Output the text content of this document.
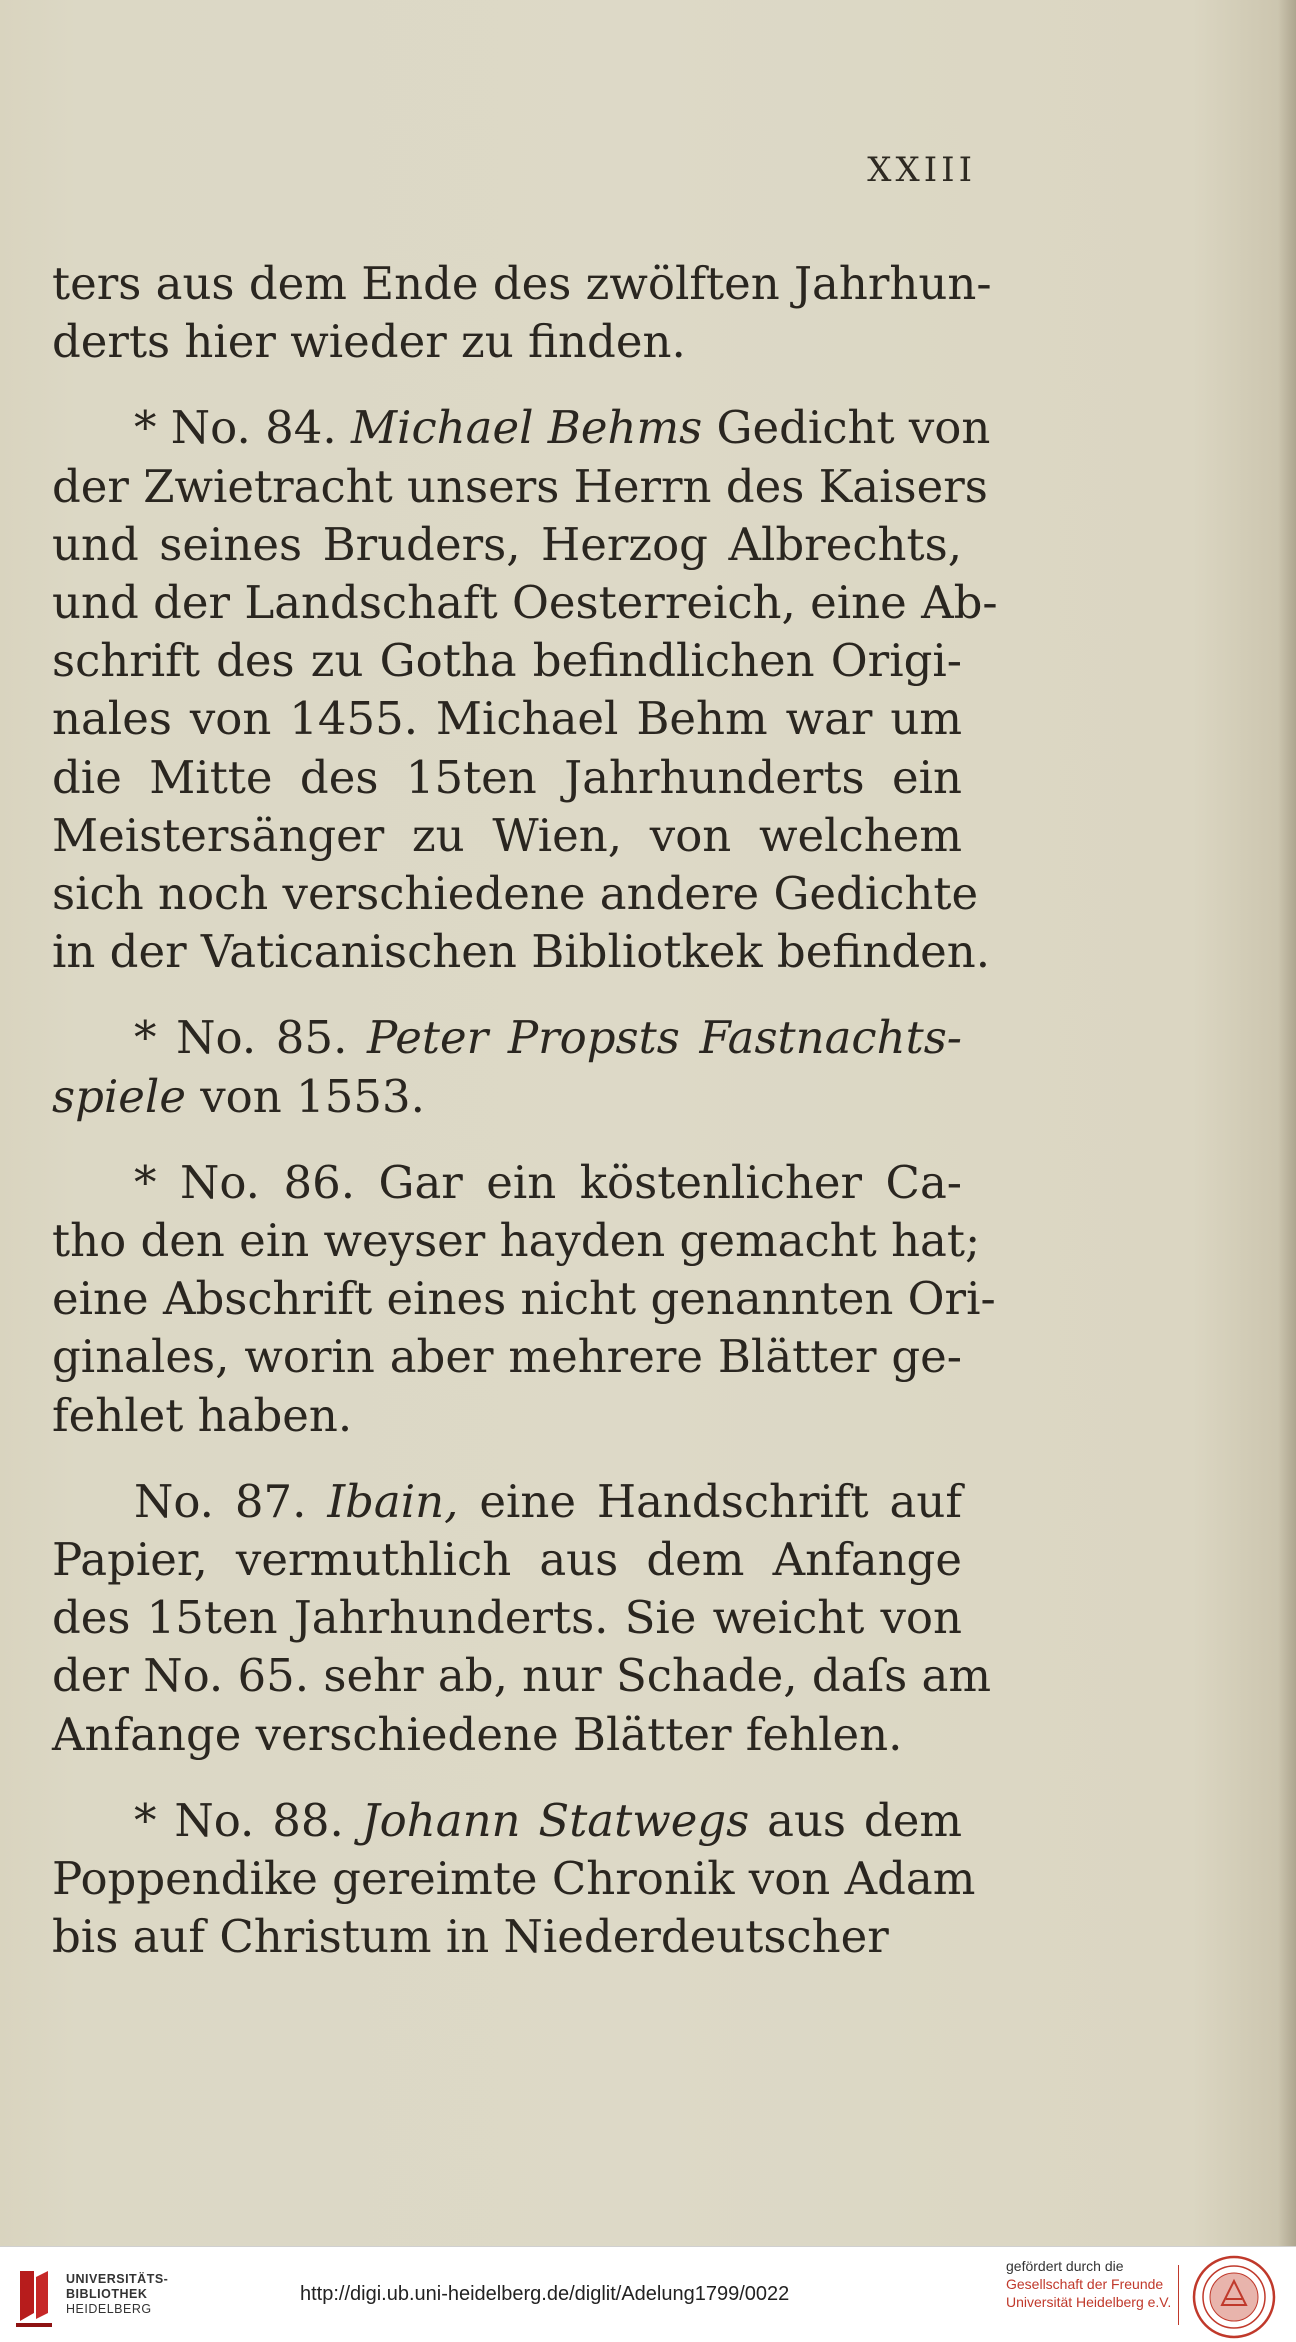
XXIII
ters aus dem Ende des zwölften Jahrhun-
derts hier wieder zu finden.
* No. 84. Michael Behms Gedicht von
der Zwietracht unsers Herrn des Kaisers
und seines Bruders, Herzog Albrechts,
und der Landschaft Oesterreich, eine Ab-
schrift des zu Gotha befindlichen Origi-
nales von 1455. Michael Behm war um
die Mitte des 15ten Jahrhunderts ein
Meistersänger zu Wien, von welchem
sich noch verschiedene andere Gedichte
in der Vaticanischen Bibliotkek befinden.
* No. 85. Peter Propsts Fastnachts-
spiele von 1553.
* No. 86. Gar ein köstenlicher Ca-
tho den ein weyser hayden gemacht hat;
eine Abschrift eines nicht genannten Ori-
ginales, worin aber mehrere Blätter ge-
fehlet haben.
No. 87. Ibain, eine Handschrift auf
Papier, vermuthlich aus dem Anfange
des 15ten Jahrhunderts. Sie weicht von
der No. 65. sehr ab, nur Schade, daſs am
Anfange verschiedene Blätter fehlen.
* No. 88. Johann Statwegs aus dem
Poppendike gereimte Chronik von Adam
bis auf Christum in Niederdeutscher
UNIVERSITÄTS-
BIBLIOTHEK
HEIDELBERG
http://digi.ub.uni-heidelberg.de/diglit/Adelung1799/0022
gefördert durch die
Gesellschaft der Freunde
Universität Heidelberg e.V.
